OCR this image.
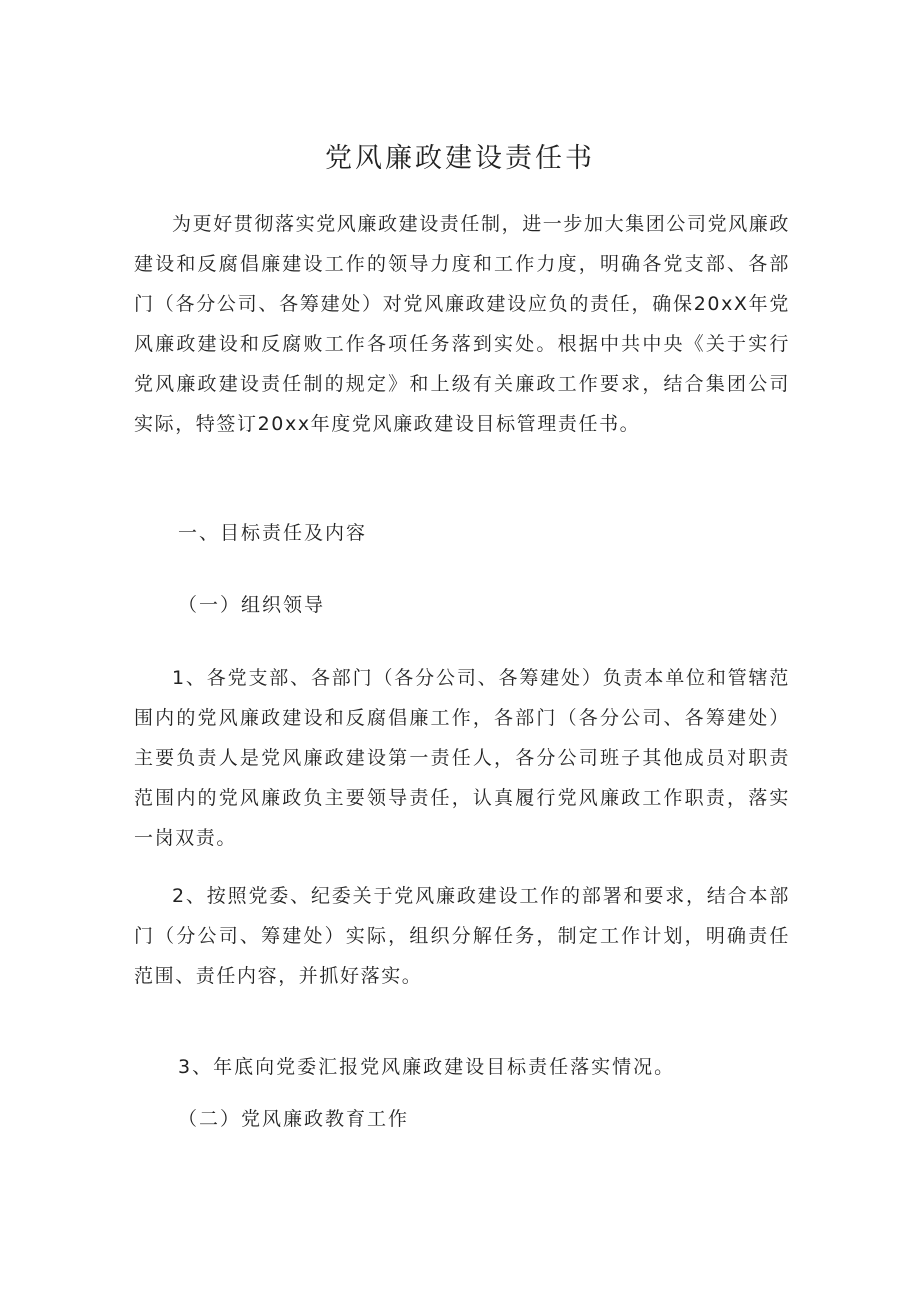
党风廉政建设责任书
为更好贯彻落实党风廉政建设责任制，进一步加大集团公司党风廉政建设和反腐倡廉建设工作的领导力度和工作力度，明确各党支部、各部门（各分公司、各筹建处）对党风廉政建设应负的责任，确保20xX年党风廉政建设和反腐败工作各项任务落到实处。根据中共中央《关于实行党风廉政建设责任制的规定》和上级有关廉政工作要求，结合集团公司实际，特签订20xx年度党风廉政建设目标管理责任书。
一、目标责任及内容
（一）组织领导
1、各党支部、各部门（各分公司、各筹建处）负责本单位和管辖范围内的党风廉政建设和反腐倡廉工作，各部门（各分公司、各筹建处）主要负责人是党风廉政建设第一责任人，各分公司班子其他成员对职责范围内的党风廉政负主要领导责任，认真履行党风廉政工作职责，落实一岗双责。
2、按照党委、纪委关于党风廉政建设工作的部署和要求，结合本部门（分公司、筹建处）实际，组织分解任务，制定工作计划，明确责任范围、责任内容，并抓好落实。
3、年底向党委汇报党风廉政建设目标责任落实情况。
（二）党风廉政教育工作
